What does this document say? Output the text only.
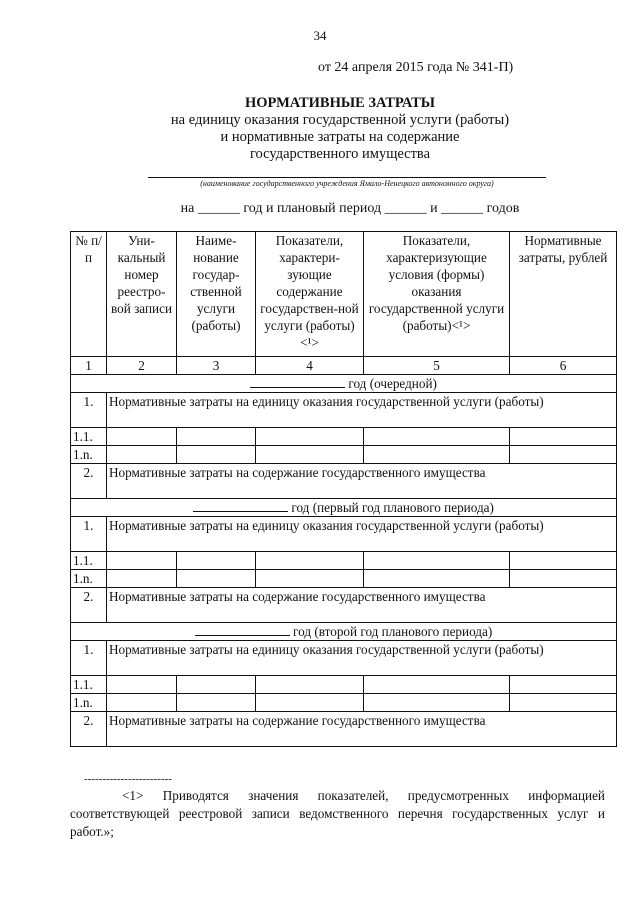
34
от 24 апреля 2015 года № 341-П)
НОРМАТИВНЫЕ ЗАТРАТЫ
на единицу оказания государственной услуги (работы)
и нормативные затраты на содержание
государственного имущества
(наименование государственного учреждения Ямало-Ненецкого автономного округа)
на ______ год и плановый период ______ и ______ годов
№ п/п	Уни-кальный номер реестро-вой записи	Наиме-нование государ-ственной услуги (работы)	Показатели, характери-зующие содержание государствен-ной услуги (работы)<¹>	Показатели, характеризующие условия (формы) оказания государственной услуги (работы)<¹>	Нормативные затраты, рублей
1	2	3	4	5	6
год (очередной)					
1.	Нормативные затраты на единицу оказания государственной услуги (работы)				
1.1.					
1.n.					
2.	Нормативные затраты на содержание государственного имущества				
год (первый год планового периода)					
1.	Нормативные затраты на единицу оказания государственной услуги (работы)				
1.1.					
1.n.					
2.	Нормативные затраты на содержание государственного имущества				
год (второй год планового периода)					
1.	Нормативные затраты на единицу оказания государственной услуги (работы)				
1.1.					
1.n.					
2.	Нормативные затраты на содержание государственного имущества				
------------------------
<1> Приводятся значения показателей, предусмотренных информацией соответствующей реестровой записи ведомственного перечня государственных услуг и работ.»;
